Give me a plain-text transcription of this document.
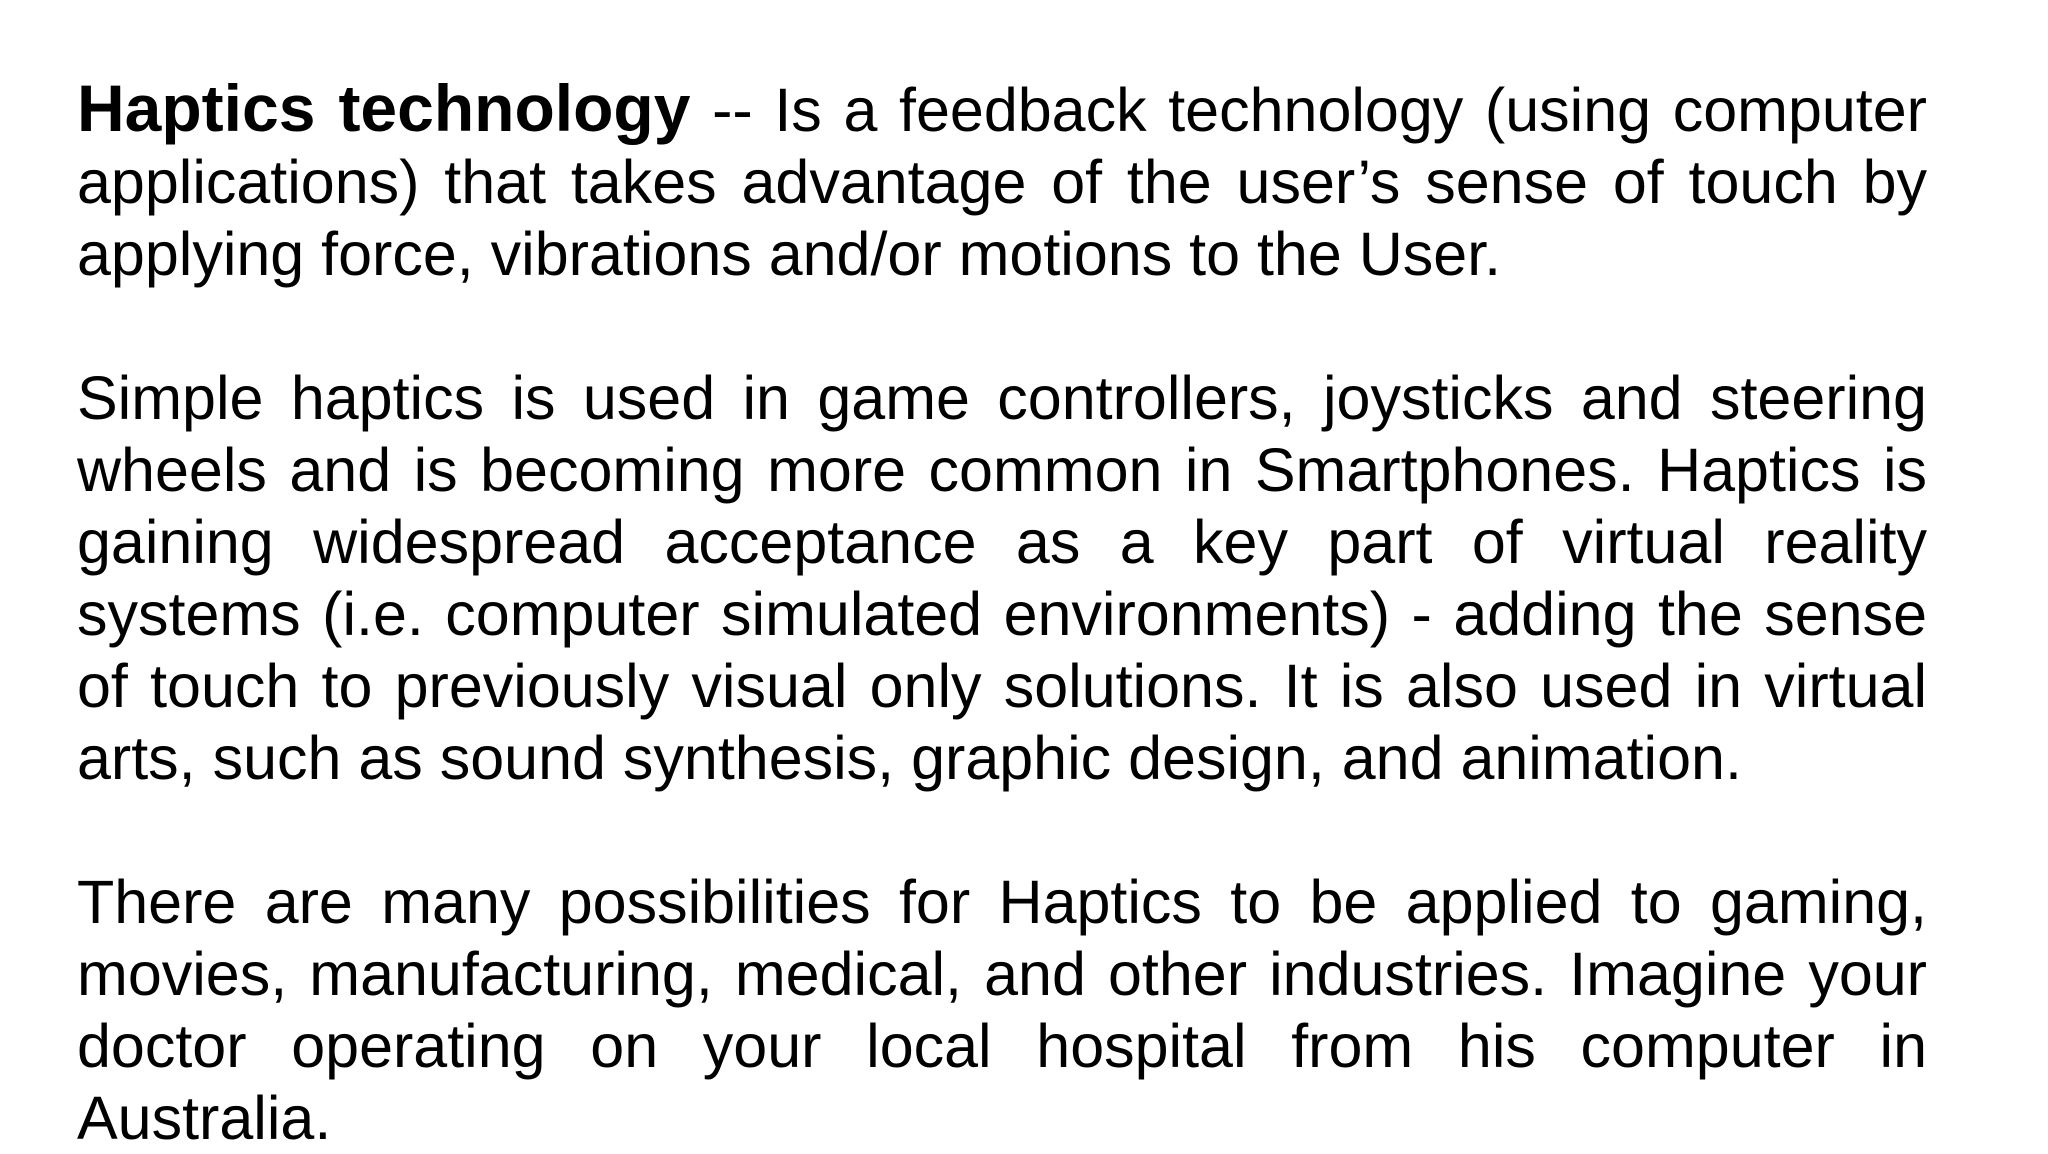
Haptics technology -- Is a feedback technology (using computer applications) that takes advantage of the user’s sense of touch by applying force, vibrations and/or motions to the User.

Simple haptics is used in game controllers, joysticks and steering wheels and is becoming more common in Smartphones. Haptics is gaining widespread acceptance as a key part of virtual reality systems (i.e. computer simulated environments) - adding the sense of touch to previously visual only solutions. It is also used in virtual arts, such as sound synthesis, graphic design, and animation.

There are many possibilities for Haptics to be applied to gaming, movies, manufacturing, medical, and other industries. Imagine your doctor operating on your local hospital from his computer in Australia.
